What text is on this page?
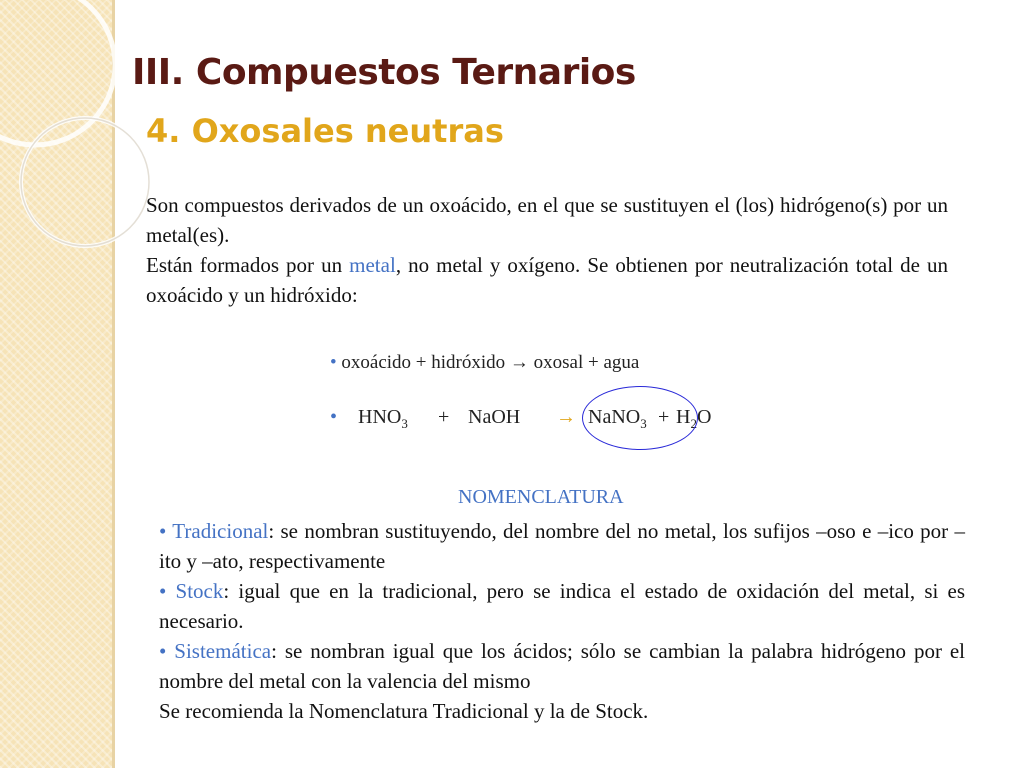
III. Compuestos Ternarios
4. Oxosales neutras

Son compuestos derivados de un oxoácido, en el que se sustituyen el (los) hidrógeno(s) por un metal(es).

Están formados por un metal, no metal y oxígeno. Se obtienen por neutralización total de un oxoácido y un hidróxido:

• oxoácido + hidróxido → oxosal + agua
• $HNO_3$ + NaOH → NaNO$_3$ + $H_2O$
NOMENCLATURA

• Tradicional: se nombran sustituyendo, del nombre del no metal, los sufijos –oso e –ico por –ito y –ato, respectivamente

• Stock: igual que en la tradicional, pero se indica el estado de oxidación del metal, si es necesario.

• Sistemática: se nombran igual que los ácidos; sólo se cambian la palabra hidrógeno por el nombre del metal con la valencia del mismo

Se recomienda la Nomenclatura Tradicional y la de Stock.
